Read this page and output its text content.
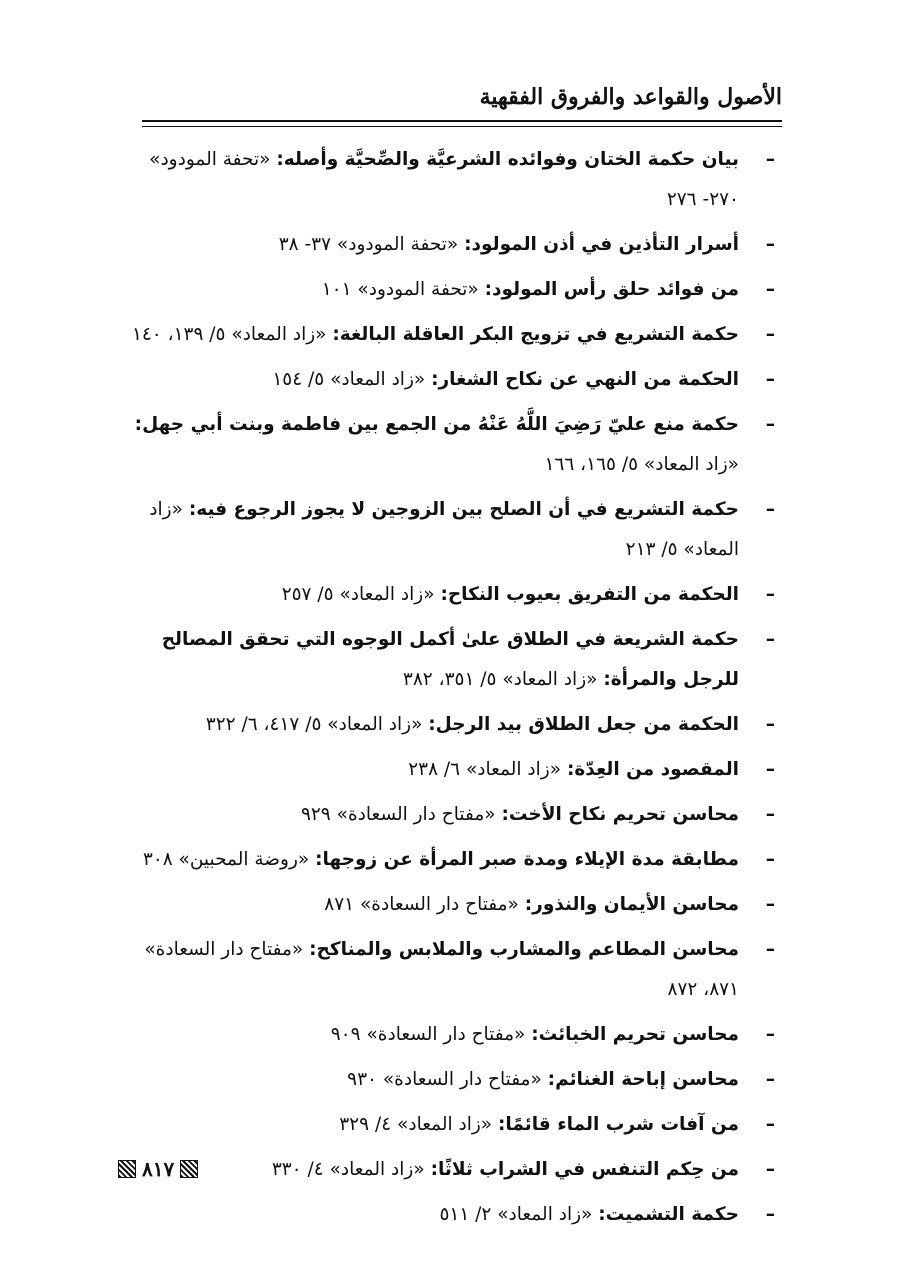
الأصول والقواعد والفروق الفقهية
–
بيان حكمة الختان وفوائده الشرعيَّة والصِّحيَّة وأصله: «تحفة المودود» ٢٧٠- ٢٧٦
–
أسرار التأذين في أذن المولود: «تحفة المودود» ٣٧- ٣٨
–
من فوائد حلق رأس المولود: «تحفة المودود» ١٠١
–
حكمة التشريع في تزويج البكر العاقلة البالغة: «زاد المعاد» ٥/ ١٣٩، ١٤٠
–
الحكمة من النهي عن نكاح الشغار: «زاد المعاد» ٥/ ١٥٤
–
حكمة منع عليّ رَضِيَ اللَّهُ عَنْهُ من الجمع بين فاطمة وبنت أبي جهل: «زاد المعاد» ٥/ ١٦٥، ١٦٦
–
حكمة التشريع في أن الصلح بين الزوجين لا يجوز الرجوع فيه: «زاد المعاد» ٥/ ٢١٣
–
الحكمة من التفريق بعيوب النكاح: «زاد المعاد» ٥/ ٢٥٧
–
حكمة الشريعة في الطلاق علىٰ أكمل الوجوه التي تحقق المصالح للرجل والمرأة: «زاد المعاد» ٥/ ٣٥١، ٣٨٢
–
الحكمة من جعل الطلاق بيد الرجل: «زاد المعاد» ٥/ ٤١٧، ٦/ ٣٢٢
–
المقصود من العِدّة: «زاد المعاد» ٦/ ٢٣٨
–
محاسن تحريم نكاح الأخت: «مفتاح دار السعادة» ٩٢٩
–
مطابقة مدة الإيلاء ومدة صبر المرأة عن زوجها: «روضة المحبين» ٣٠٨
–
محاسن الأيمان والنذور: «مفتاح دار السعادة» ٨٧١
–
محاسن المطاعم والمشارب والملابس والمناكح: «مفتاح دار السعادة» ٨٧١، ٨٧٢
–
محاسن تحريم الخبائث: «مفتاح دار السعادة» ٩٠٩
–
محاسن إباحة الغنائم: «مفتاح دار السعادة» ٩٣٠
–
من آفات شرب الماء قائمًا: «زاد المعاد» ٤/ ٣٢٩
–
من حِكم التنفس في الشراب ثلاثًا: «زاد المعاد» ٤/ ٣٣٠
–
حكمة التشميت: «زاد المعاد» ٢/ ٥١١
٨١٧
